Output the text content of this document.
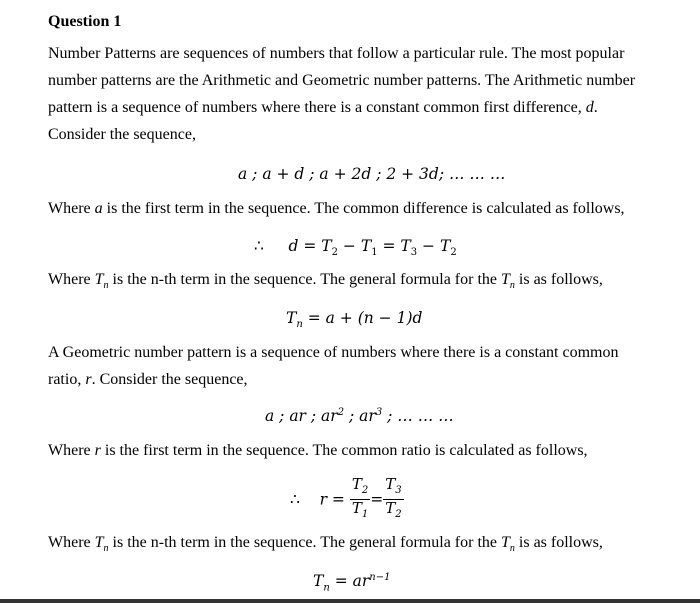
Question 1
Number Patterns are sequences of numbers that follow a particular rule. The most popular
number patterns are the Arithmetic and Geometric number patterns. The Arithmetic number
pattern is a sequence of numbers where there is a constant common first difference, d.
Consider the sequence,
a ; a + d ; a + 2d ; 2 + 3d; … … …
Where a is the first term in the sequence. The common difference is calculated as follows,
∴ $d = T_2 - T_1 = T_3 - T_2$
Where $T_n$ is the n-th term in the sequence. The general formula for the $T_n$ is as follows,
$T_n = a + (n - 1)d$
A Geometric number pattern is a sequence of numbers where there is a constant common
ratio, r. Consider the sequence,
a ; ar ; $ar^2$ ; $ar^3$ ; … … …
Where r is the first term in the sequence. The common ratio is calculated as follows,
∴ $r = \frac{T_2}{T_1} = \frac{T_3}{T_2}$
Where $T_n$ is the n-th term in the sequence. The general formula for the $T_n$ is as follows,
$T_n = ar^{n-1}$
